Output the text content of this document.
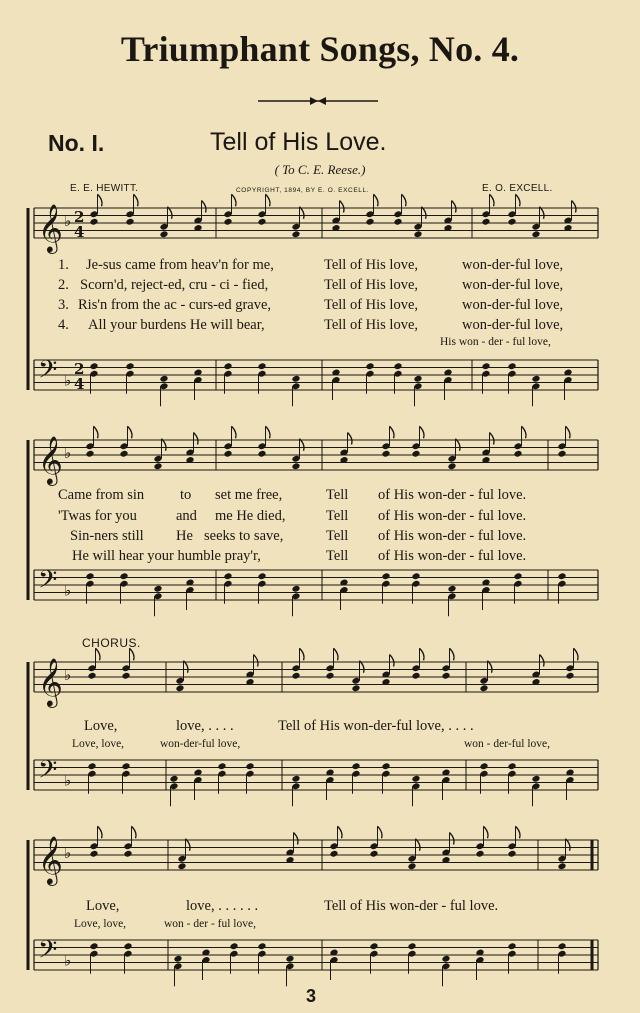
Triumphant Songs, No. 4.
No. I.	Tell of His Love.
( To C. E. Reese.)
E. E. HEWITT.	COPYRIGHT, 1894, BY E. O. EXCELL.	E. O. EXCELL.
𝄞 ♭ 2
4
𝄢 ♭
2
4
𝄞 ♭
𝄢 ♭
𝄞 ♭
𝄢 ♭
𝄞 ♭
𝄢 ♭
1. Je-sus came from heav'n for me,	Tell of His love,	won-der-ful love,
2. Scorn'd, reject-ed, cru - ci - fied,	Tell of His love,	won-der-ful love,
3. Ris'n from the ac - curs-ed grave,	Tell of His love,	won-der-ful love,
4. All your burdens He will bear,	Tell of His love,	won-der-ful love,
His won - der - ful love,
Came from sin to set me free,	Tell of His won-der - ful love.
'Twas for you	and me He died,	Tell of His won-der - ful love.
Sin-ners still He seeks to save,	Tell of His won-der - ful love.
He will hear your humble pray'r,	Tell of His won-der - ful love.
CHORUS.
Love,	love, . . . .	Tell of His won-der-ful love, . . . .
Love, love,	won-der-ful love,	won - der-ful love,
Love,	love, . . . . . .	Tell of His won-der - ful love.
Love, love,	won - der - ful love,
3
